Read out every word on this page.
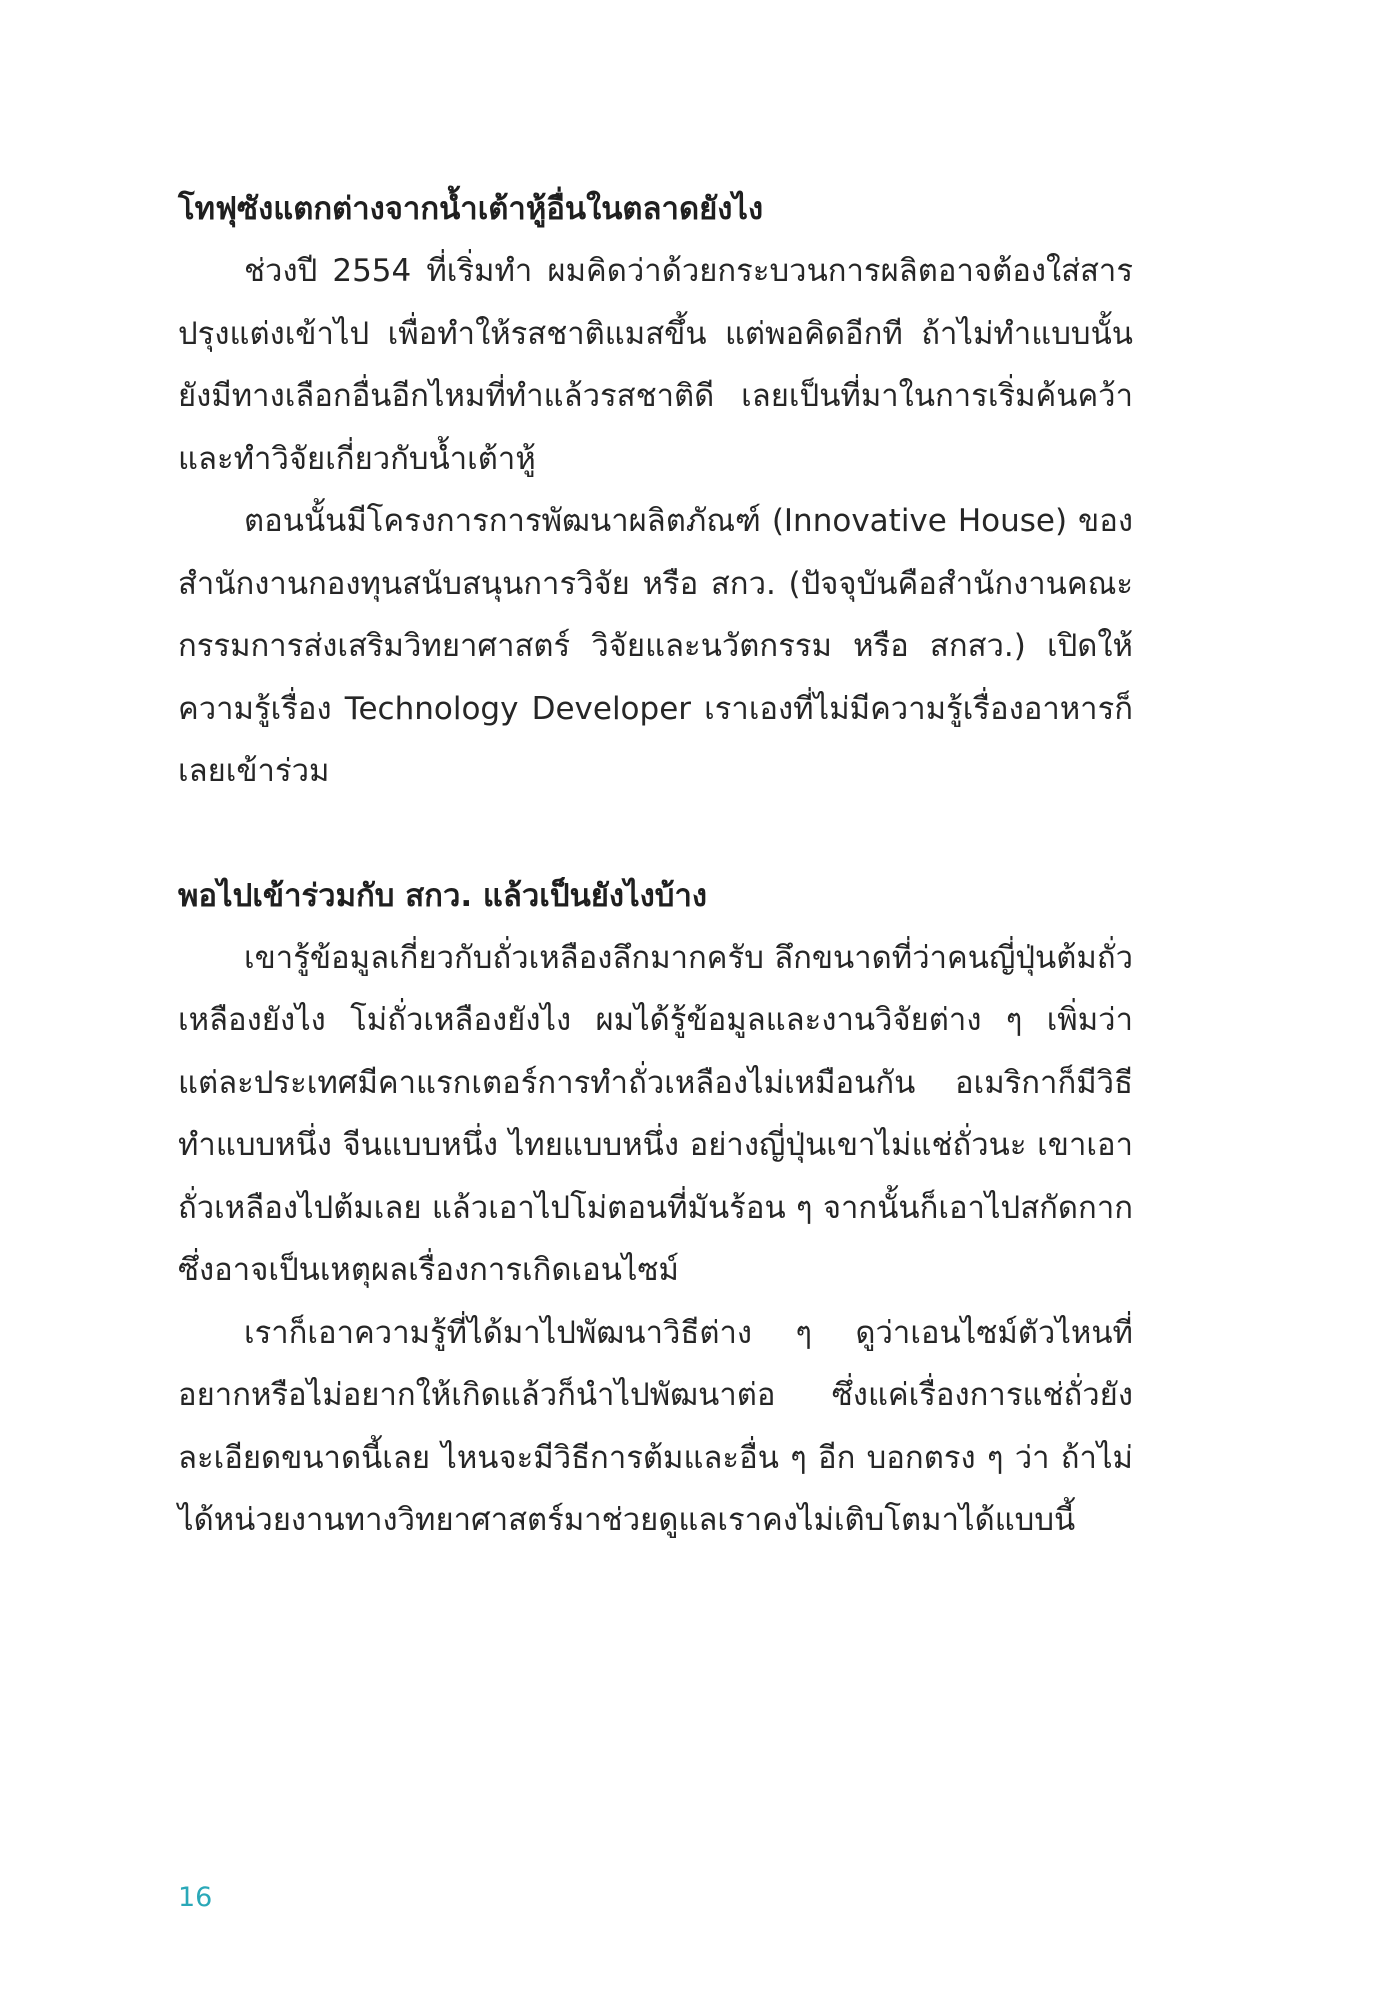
โทฟุซังแตกต่างจากน้ำเต้าหู้อื่นในตลาดยังไง

ช่วงปี 2554 ที่เริ่มทำ ผมคิดว่าด้วยกระบวนการผลิตอาจต้องใส่สารปรุงแต่งเข้าไป เพื่อทำให้รสชาติแมสขึ้น แต่พอคิดอีกที ถ้าไม่ทำแบบนั้น ยังมีทางเลือกอื่นอีกไหมที่ทำแล้วรสชาติดี เลยเป็นที่มาในการเริ่มค้นคว้าและทำวิจัยเกี่ยวกับน้ำเต้าหู้

ตอนนั้นมีโครงการการพัฒนาผลิตภัณฑ์ (Innovative House) ของสำนักงานกองทุนสนับสนุนการวิจัย หรือ สกว. (ปัจจุบันคือสำนักงานคณะกรรมการส่งเสริมวิทยาศาสตร์ วิจัยและนวัตกรรม หรือ สกสว.) เปิดให้ความรู้เรื่อง Technology Developer เราเองที่ไม่มีความรู้เรื่องอาหารก็เลยเข้าร่วม

พอไปเข้าร่วมกับ สกว. แล้วเป็นยังไงบ้าง

เขารู้ข้อมูลเกี่ยวกับถั่วเหลืองลึกมากครับ ลึกขนาดที่ว่าคนญี่ปุ่นต้มถั่วเหลืองยังไง โม่ถั่วเหลืองยังไง ผมได้รู้ข้อมูลและงานวิจัยต่าง ๆ เพิ่มว่าแต่ละประเทศมีคาแรกเตอร์การทำถั่วเหลืองไม่เหมือนกัน อเมริกาก็มีวิธีทำแบบหนึ่ง จีนแบบหนึ่ง ไทยแบบหนึ่ง อย่างญี่ปุ่นเขาไม่แช่ถั่วนะ เขาเอาถั่วเหลืองไปต้มเลย แล้วเอาไปโม่ตอนที่มันร้อน ๆ จากนั้นก็เอาไปสกัดกาก ซึ่งอาจเป็นเหตุผลเรื่องการเกิดเอนไซม์

เราก็เอาความรู้ที่ได้มาไปพัฒนาวิธีต่าง ๆ ดูว่าเอนไซม์ตัวไหนที่อยากหรือไม่อยากให้เกิดแล้วก็นำไปพัฒนาต่อ ซึ่งแค่เรื่องการแช่ถั่วยังละเอียดขนาดนี้เลย ไหนจะมีวิธีการต้มและอื่น ๆ อีก บอกตรง ๆ ว่า ถ้าไม่ได้หน่วยงานทางวิทยาศาสตร์มาช่วยดูแลเราคงไม่เติบโตมาได้แบบนี้

16
